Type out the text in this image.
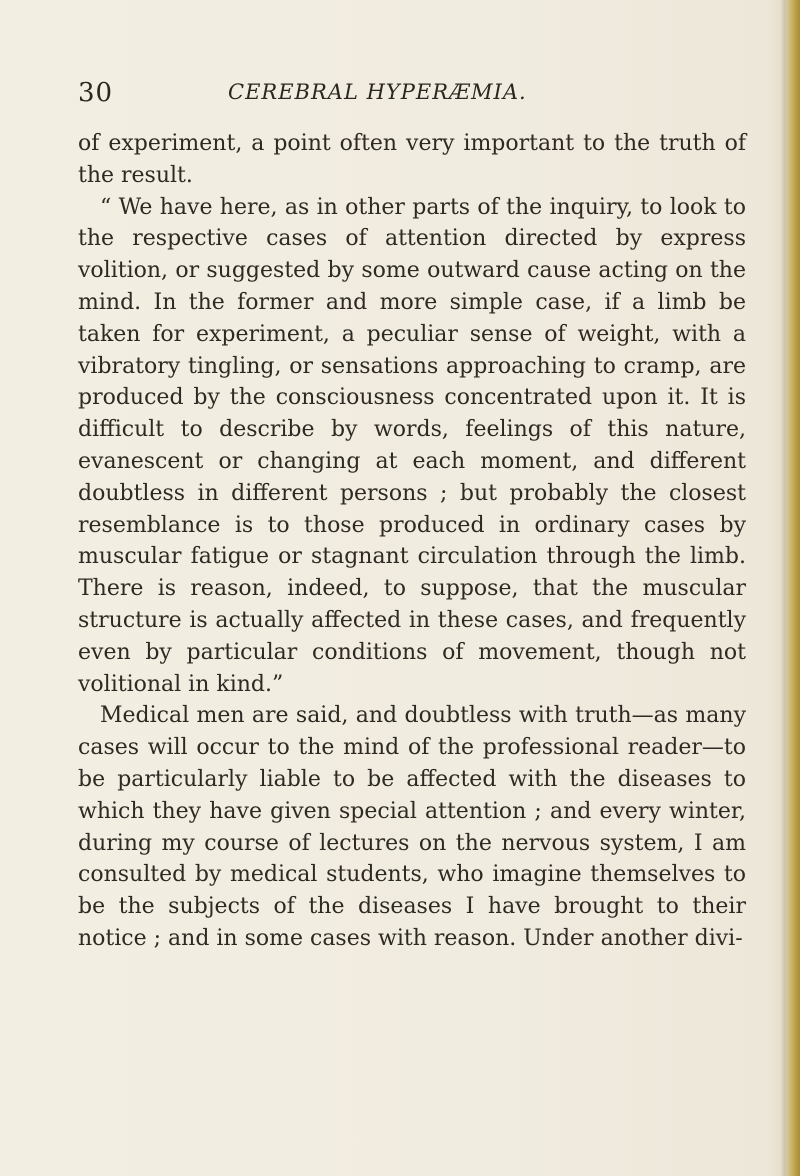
30	CEREBRAL HYPERÆMIA.

of experiment, a point often very important to the truth of the result.

“ We have here, as in other parts of the inquiry, to look to the respective cases of attention directed by express volition, or suggested by some outward cause acting on the mind. In the former and more simple case, if a limb be taken for experiment, a peculiar sense of weight, with a vibratory tingling, or sensations approaching to cramp, are produced by the consciousness concentrated upon it. It is difficult to describe by words, feelings of this nature, evanescent or changing at each moment, and different doubtless in different persons ; but probably the closest resemblance is to those produced in ordinary cases by muscular fatigue or stagnant circulation through the limb. There is reason, indeed, to suppose, that the muscular structure is actually affected in these cases, and frequently even by particular conditions of movement, though not volitional in kind.”

Medical men are said, and doubtless with truth—as many cases will occur to the mind of the professional reader—to be particularly liable to be affected with the diseases to which they have given special attention ; and every winter, during my course of lectures on the nervous system, I am consulted by medical students, who imagine themselves to be the subjects of the diseases I have brought to their notice ; and in some cases with reason. Under another divi-
